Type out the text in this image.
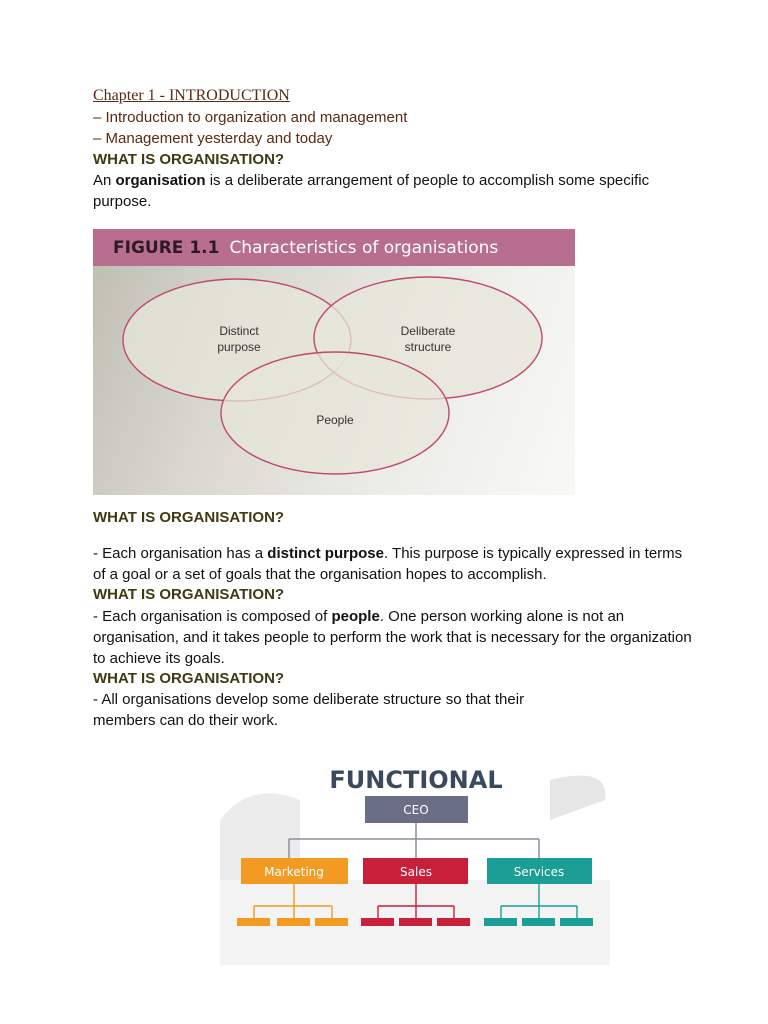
Chapter 1 - INTRODUCTION
– Introduction to organization and management
– Management yesterday and today
WHAT IS ORGANISATION?
An organisation is a deliberate arrangement of people to accomplish some specific purpose.
FIGURE 1.1 Characteristics of organisations
Distinct
purpose
Deliberate
structure
People
WHAT IS ORGANISATION?
- Each organisation has a distinct purpose. This purpose is typically expressed in terms of a goal or a set of goals that the organisation hopes to accomplish.
WHAT IS ORGANISATION?
- Each organisation is composed of people. One person working alone is not an organisation, and it takes people to perform the work that is necessary for the organization to achieve its goals.
WHAT IS ORGANISATION?
- All organisations develop some deliberate structure so that their
members can do their work.
FUNCTIONAL
CEO
Marketing	Sales	Services
